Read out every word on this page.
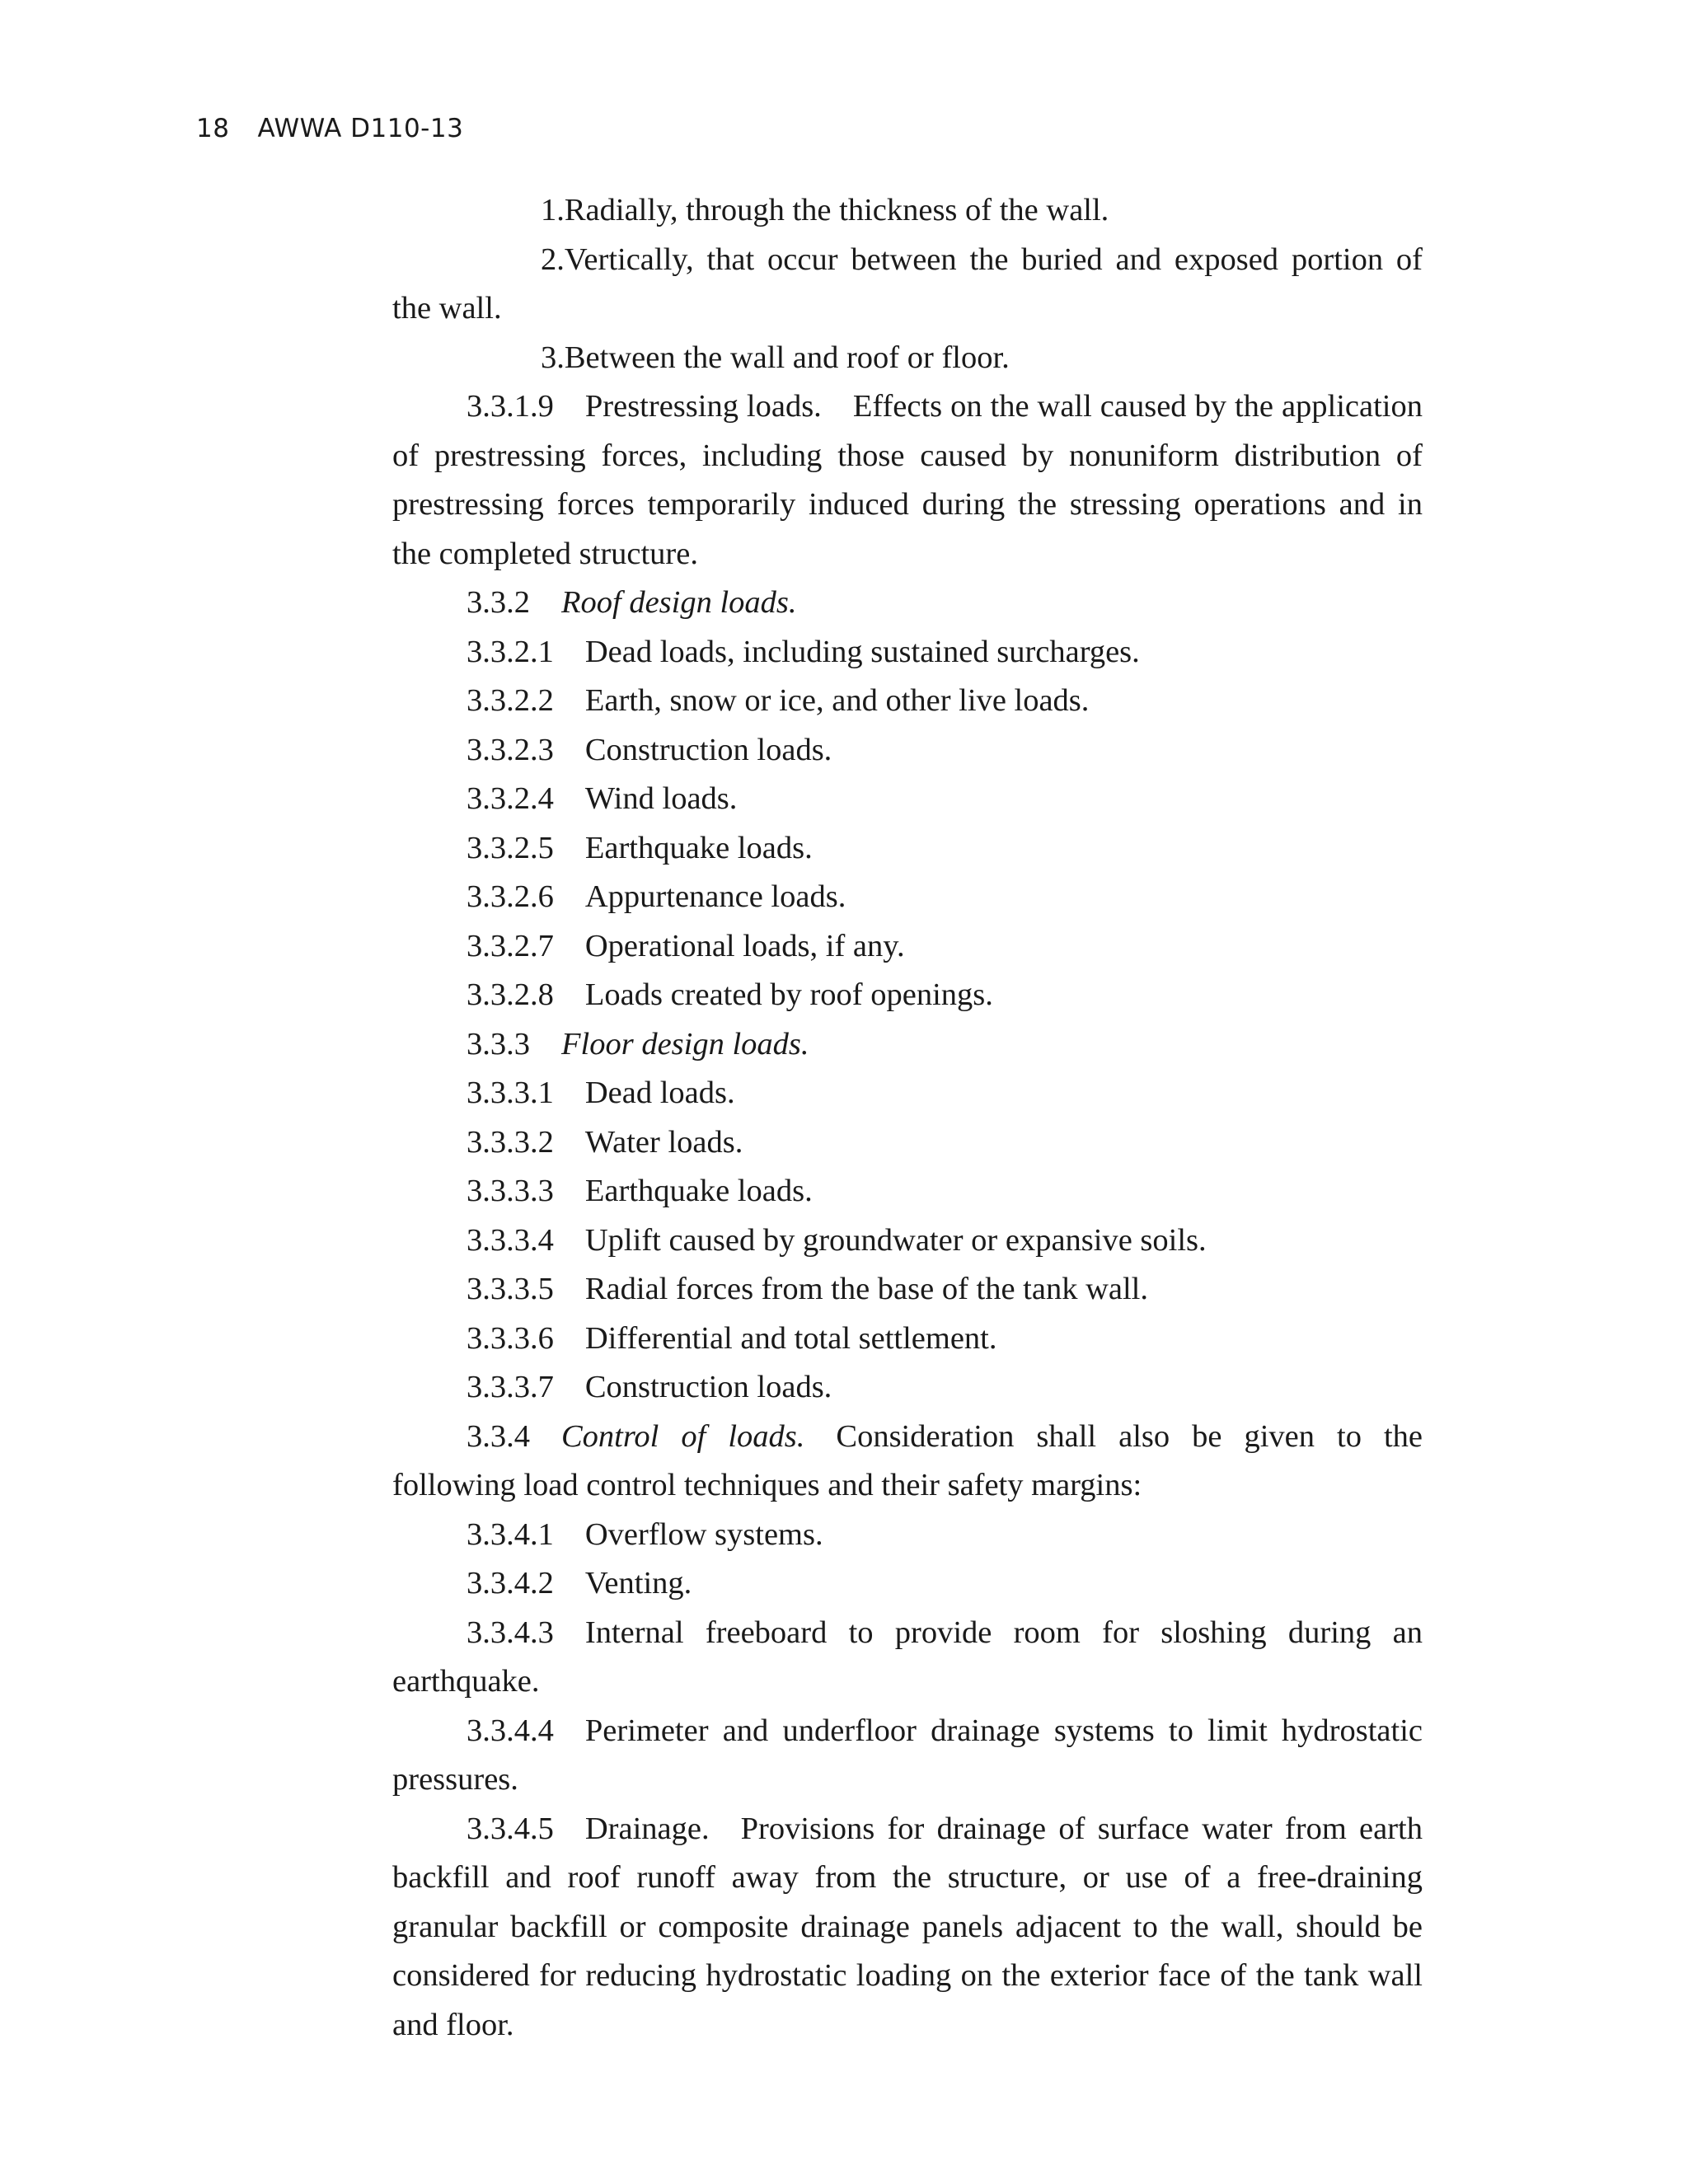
18 AWWA D110-13

1.Radially, through the thickness of the wall.

2.Vertically, that occur between the buried and exposed portion of the wall.

3.Between the wall and roof or floor.

3.3.1.9 Prestressing loads. Effects on the wall caused by the application of prestressing forces, including those caused by nonuniform distribution of prestressing forces temporarily induced during the stressing operations and in the completed structure.

3.3.2 Roof design loads.

3.3.2.1 Dead loads, including sustained surcharges.

3.3.2.2 Earth, snow or ice, and other live loads.

3.3.2.3 Construction loads.

3.3.2.4 Wind loads.

3.3.2.5 Earthquake loads.

3.3.2.6 Appurtenance loads.

3.3.2.7 Operational loads, if any.

3.3.2.8 Loads created by roof openings.

3.3.3 Floor design loads.

3.3.3.1 Dead loads.

3.3.3.2 Water loads.

3.3.3.3 Earthquake loads.

3.3.3.4 Uplift caused by groundwater or expansive soils.

3.3.3.5 Radial forces from the base of the tank wall.

3.3.3.6 Differential and total settlement.

3.3.3.7 Construction loads.

3.3.4 Control of loads. Consideration shall also be given to the following load control techniques and their safety margins:

3.3.4.1 Overflow systems.

3.3.4.2 Venting.

3.3.4.3 Internal freeboard to provide room for sloshing during an earthquake.

3.3.4.4 Perimeter and underfloor drainage systems to limit hydrostatic pressures.

3.3.4.5 Drainage. Provisions for drainage of surface water from earth backfill and roof runoff away from the structure, or use of a free-draining granular backfill or composite drainage panels adjacent to the wall, should be considered for reducing hydrostatic loading on the exterior face of the tank wall and floor.
